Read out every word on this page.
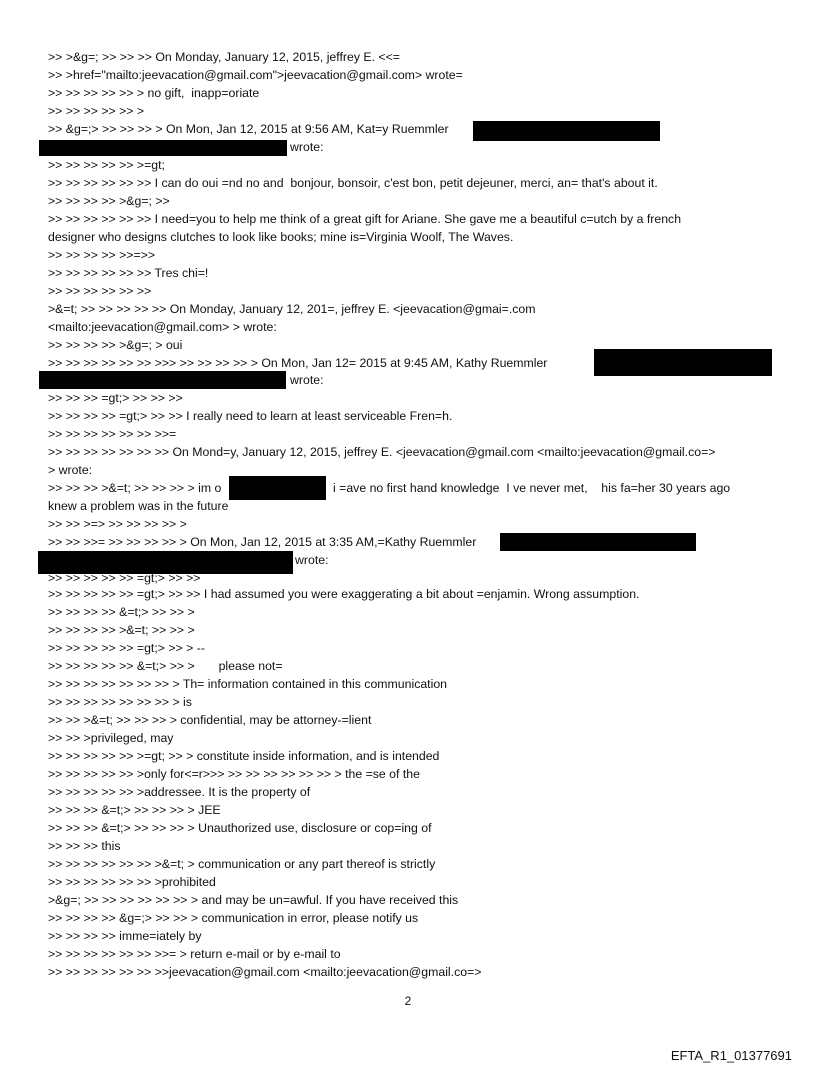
>> >&g=; >> >> >> On Monday, January 12, 2015, jeffrey E. <<=
>> >href="mailto:jeevacation@gmail.com">jeevacation@gmail.com> wrote=
>> >> >> >> >> > no gift,  inapp=oriate
>> >> >> >> >> >
>> &g=;> >> >> >> > On Mon, Jan 12, 2015 at 9:56 AM, Kat=y Ruemmler
wrote:
>> >> >> >> >> >=gt;
>> >> >> >> >> >> I can do oui =nd no and  bonjour, bonsoir, c'est bon, petit dejeuner, merci, an= that's about it.
>> >> >> >> >&g=; >>
>> >> >> >> >> >> I need=you to help me think of a great gift for Ariane. She gave me a beautiful c=utch by a french
designer who designs clutches to look like books; mine is=Virginia Woolf, The Waves.
>> >> >> >> >>=>>
>> >> >> >> >> >> Tres chi=!
>> >> >> >> >> >>
>&=t; >> >> >> >> >> On Monday, January 12, 201=, jeffrey E. <jeevacation@gmai=.com
<mailto:jeevacation@gmail.com> > wrote:
>> >> >> >> >&g=; > oui
>> >> >> >> >> >> >>> >> >> >> >> > On Mon, Jan 12= 2015 at 9:45 AM, Kathy Ruemmler
wrote:
>> >> >> =gt;> >> >> >>
>> >> >> >> =gt;> >> >> I really need to learn at least serviceable Fren=h.
>> >> >> >> >> >> >>=
>> >> >> >> >> >> >> On Mond=y, January 12, 2015, jeffrey E. <jeevacation@gmail.com <mailto:jeevacation@gmail.co=>
> wrote:
>> >> >> >&=t; >> >> >> > im o	i =ave no first hand knowledge  I ve never met,    his fa=her 30 years ago
knew a problem was in the future
>> >> >=> >> >> >> >> >
>> >> >>= >> >> >> >> > On Mon, Jan 12, 2015 at 3:35 AM,=Kathy Ruemmler
wrote:
>> >> >> >> >> =gt;> >> >>
>> >> >> >> >> =gt;> >> >> I had assumed you were exaggerating a bit about =enjamin. Wrong assumption.
>> >> >> >> &=t;> >> >> >
>> >> >> >> >&=t; >> >> >
>> >> >> >> >> =gt;> >> > --
>> >> >> >> >> &=t;> >> >       please not=
>> >> >> >> >> >> >> > Th= information contained in this communication
>> >> >> >> >> >> >> > is
>> >> >&=t; >> >> >> > confidential, may be attorney-=lient
>> >> >privileged, may
>> >> >> >> >> >=gt; >> > constitute inside information, and is intended
>> >> >> >> >> >only for<=r>>> >> >> >> >> >> >> > the =se of the
>> >> >> >> >> >addressee. It is the property of
>> >> >> &=t;> >> >> >> > JEE
>> >> >> &=t;> >> >> >> > Unauthorized use, disclosure or cop=ing of
>> >> >> this
>> >> >> >> >> >> >&=t; > communication or any part thereof is strictly
>> >> >> >> >> >> >prohibited
>&g=; >> >> >> >> >> >> > and may be un=awful. If you have received this
>> >> >> >> &g=;> >> >> > communication in error, please notify us
>> >> >> >> imme=iately by
>> >> >> >> >> >> >>= > return e-mail or by e-mail to
>> >> >> >> >> >> >>jeevacation@gmail.com <mailto:jeevacation@gmail.co=>
2
EFTA_R1_01377691
